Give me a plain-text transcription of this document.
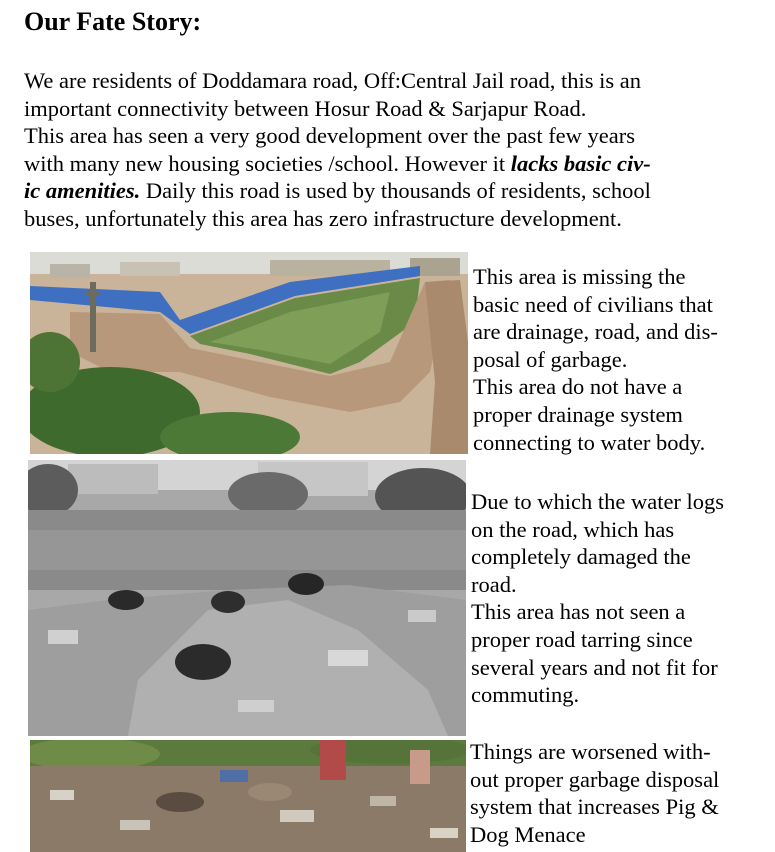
Our Fate Story:
We are residents of Doddamara road, Off:Central Jail road, this is an
important connectivity between Hosur Road & Sarjapur Road.
This area has seen a very good development over the past few years
with many new housing societies /school. However it lacks basic civ-
ic amenities. Daily this road is used by thousands of residents, school
buses, unfortunately this area has zero infrastructure development.
This area is missing the
basic need of civilians that
are drainage, road, and dis-
posal of garbage.
This area do not have a
proper drainage system
connecting to water body.
Due to which the water logs
on the road, which has
completely damaged the
road.
This area has not seen a
proper road tarring since
several years and not fit for
commuting.
Things are worsened with-
out proper garbage disposal
system that increases Pig &
Dog Menace
